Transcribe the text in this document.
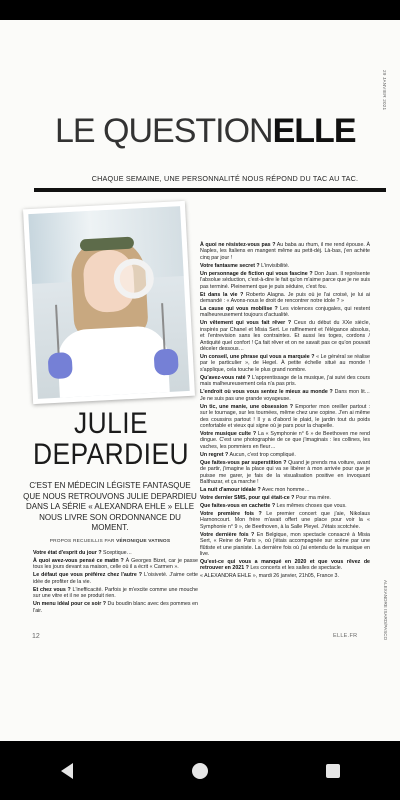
29 JANVIER 2021
LE QUESTIONELLE
CHAQUE SEMAINE, UNE PERSONNALITÉ NOUS RÉPOND DU TAC AU TAC.
JULIE
DEPARDIEU
C'EST EN MÉDECIN LÉGISTE FANTASQUE QUE NOUS RETROUVONS JULIE DEPARDIEU DANS LA SÉRIE « ALEXANDRA EHLE » ELLE NOUS LIVRE SON ORDONNANCE DU MOMENT.
PROPOS RECUEILLIS PAR VÉRONIQUE VATINOS

Votre état d'esprit du jour ? Sceptique…

À quoi avez-vous pensé ce matin ? À Georges Bizet, car je passe tous les jours devant sa maison, celle où il a écrit « Carmen ».

Le défaut que vous préférez chez l'autre ? L'oisiveté. J'aime cette idée de profiter de la vie.

Et chez vous ? L'inefficacité. Parfois je m'excite comme une mouche sur une vitre et il ne se produit rien.

Un menu idéal pour ce soir ? Du boudin blanc avec des pommes en l'air.

À quoi ne résistez-vous pas ? Au baba au rhum, il me rend épouse. À Naples, les Italiens en mangent même au petit-déj. Là-bas, j'en achète cinq par jour !

Votre fantasme secret ? L'invisibilité.

Un personnage de fiction qui vous fascine ? Don Juan. Il représente l'absolue séduction, c'est-à-dire le fait qu'on m'aime parce que je ne suis pas terminé. Pleinement que je puis séduire, c'est fou.

Et dans la vie ? Roberto Alagna. Je puis où je l'ai croisé, je lui ai demandé : « Avons-nous le droit de rencontrer notre idole ? »

La cause qui vous mobilise ? Les violences conjugales, qui restent malheureusement toujours d'actualité.

Un vêtement qui vous fait rêver ? Ceux du début du XXe siècle, inspirés par Chanel et Misia Sert. Le raffinement et l'élégance absolus, et l'entrevision sans les contraintes. Et aussi les toges, cordons / Antiquité quel confort ! Ça fait rêver et on ne savait pas ce qu'on pouvait déceler dessous…

Un conseil, une phrase qui vous a marquée ? « Le général se réalise par le particulier », de Hegel. À petite échelle situé au monde ! s'applique, cela touche le plus grand nombre.

Qu'avez-vous raté ? L'apprentissage de la musique, j'ai suivi des cours mais malheureusement cela n'a pas pris.

L'endroit où vous vous sentez le mieux au monde ? Dans mon lit… Je ne suis pas une grande voyageuse.

Un tic, une manie, une obsession ? Emporter mon oreiller partout : sur le tournage, sur les tournées, même chez une copine. J'en ai même des coussins partout ! Il y a d'abord le plaid, le jardin tout du poids confortable et vieux qui signe où je pars pour la chapelle.

Votre musique culte ? La « Symphonie n° 6 » de Beethoven me rend dingue. C'est une photographie de ce que j'imaginais : les collines, les vaches, les pommiers en fleur…

Un regret ? Aucun, c'est trop compliqué.

Que faites-vous par superstition ? Quand je prends ma voiture, avant de partir, j'imagine la place qui va se libérer à mon arrivée pour que je puisse me garer, je fais de la visualisation positive en invoquant Balthazar, et ça marche !

La nuit d'amour idéale ? Avec mon homme…

Votre dernier SMS, pour qui était-ce ? Pour ma mère.

Que faites-vous en cachette ? Les mêmes choses que vous.

Votre première fois ? Le premier concert que j'aie, Nikolaus Harnoncourt. Mon frère m'avait offert une place pour voir la « Symphonie n° 9 », de Beethoven, à la Salle Pleyel. J'étais scotchée.

Votre dernière fois ? En Belgique, mon spectacle consacré à Misia Sert, « Reine de Paris », où j'étais accompagnée sur scène par une flûtiste et une pianiste. La dernière fois où j'ai entendu de la musique en live.

Qu'est-ce qui vous a manqué en 2020 et que vous rêvez de retrouver en 2021 ? Les concerts et les salles de spectacle.

« ALEXANDRA EHLE », mardi 26 janvier, 21h05, France 3.

ALEXANDRE ISARD/PASCO
12	ELLE.FR
